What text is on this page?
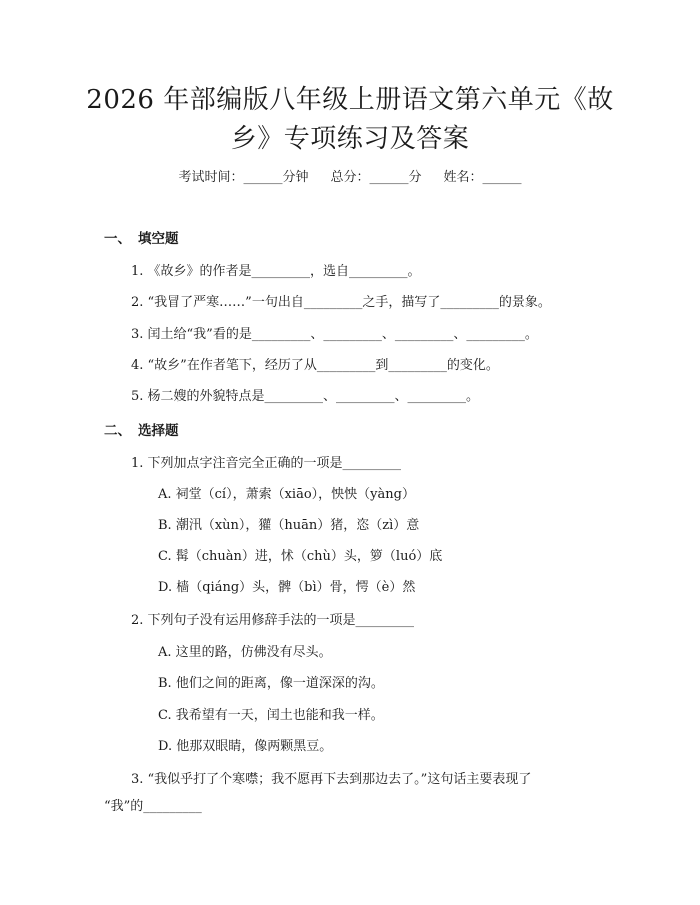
2026 年部编版八年级上册语文第六单元《故
乡》专项练习及答案
考试时间：______分钟 总分：______分 姓名：______
一、 填空题
1. 《故乡》的作者是_________，选自_________。
2. “我冒了严寒……”一句出自_________之手，描写了_________的景象。
3. 闰土给“我”看的是_________、_________、_________、_________。
4. “故乡”在作者笔下，经历了从_________到_________的变化。
5. 杨二嫂的外貌特点是_________、_________、_________。
二、 选择题
1. 下列加点字注音完全正确的一项是_________
A. 祠堂（cí），萧索（xiāo），怏怏（yàng）
B. 潮汛（xùn），獾（huān）猪，恣（zì）意
C. 髯（chuàn）进，怵（chù）头，箩（luó）底
D. 樯（qiáng）头，髀（bì）骨，愕（è）然
2. 下列句子没有运用修辞手法的一项是_________
A. 这里的路，仿佛没有尽头。
B. 他们之间的距离，像一道深深的沟。
C. 我希望有一天，闰土也能和我一样。
D. 他那双眼睛，像两颗黑豆。
3. “我似乎打了个寒噤；我不愿再下去到那边去了。”这句话主要表现了
“我”的_________
